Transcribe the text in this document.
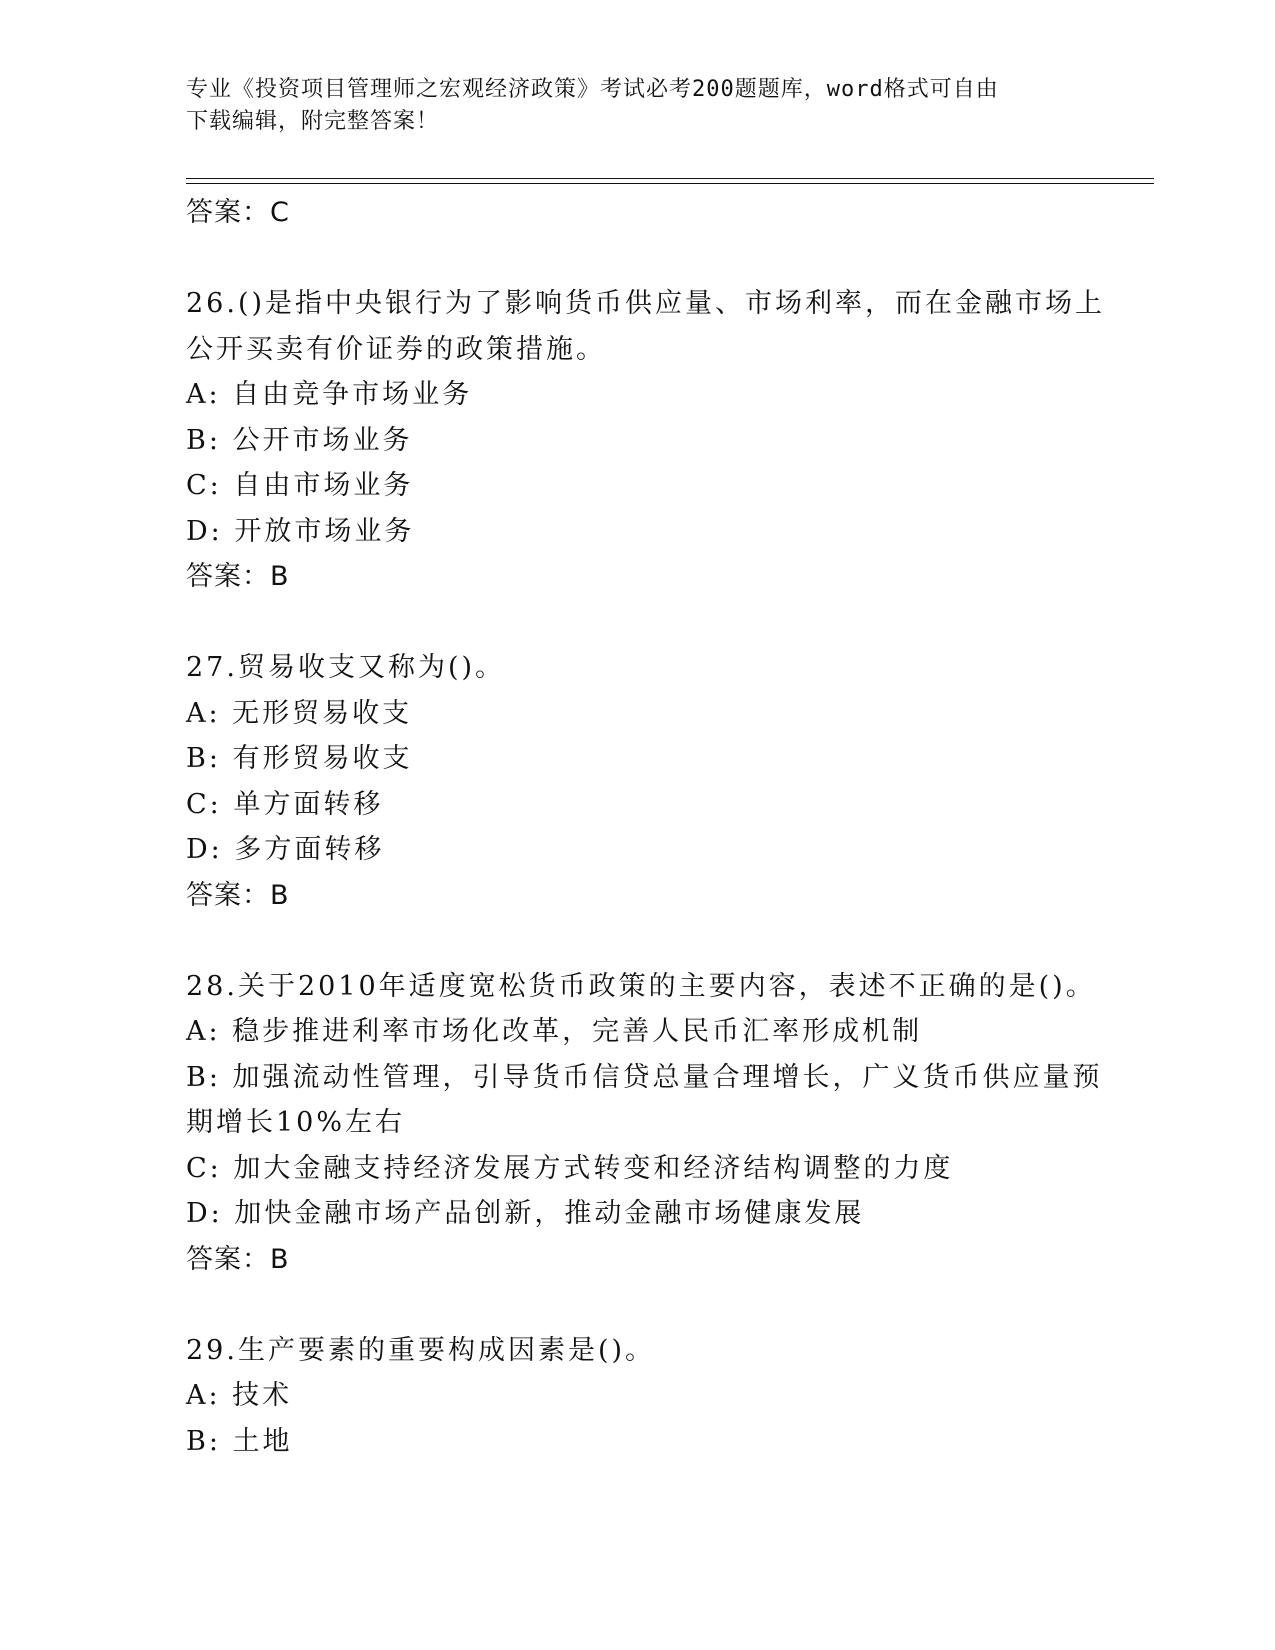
专业《投资项目管理师之宏观经济政策》考试必考200题题库，word格式可自由
下载编辑，附完整答案！
答案：C
26.()是指中央银行为了影响货币供应量、市场利率，而在金融市场上
公开买卖有价证券的政策措施。
A: 自由竞争市场业务
B: 公开市场业务
C: 自由市场业务
D: 开放市场业务
答案：B
27.贸易收支又称为()。
A: 无形贸易收支
B: 有形贸易收支
C: 单方面转移
D: 多方面转移
答案：B
28.关于2010年适度宽松货币政策的主要内容，表述不正确的是()。
A: 稳步推进利率市场化改革，完善人民币汇率形成机制
B: 加强流动性管理，引导货币信贷总量合理增长，广义货币供应量预
期增长10%左右
C: 加大金融支持经济发展方式转变和经济结构调整的力度
D: 加快金融市场产品创新，推动金融市场健康发展
答案：B
29.生产要素的重要构成因素是()。
A: 技术
B: 土地
